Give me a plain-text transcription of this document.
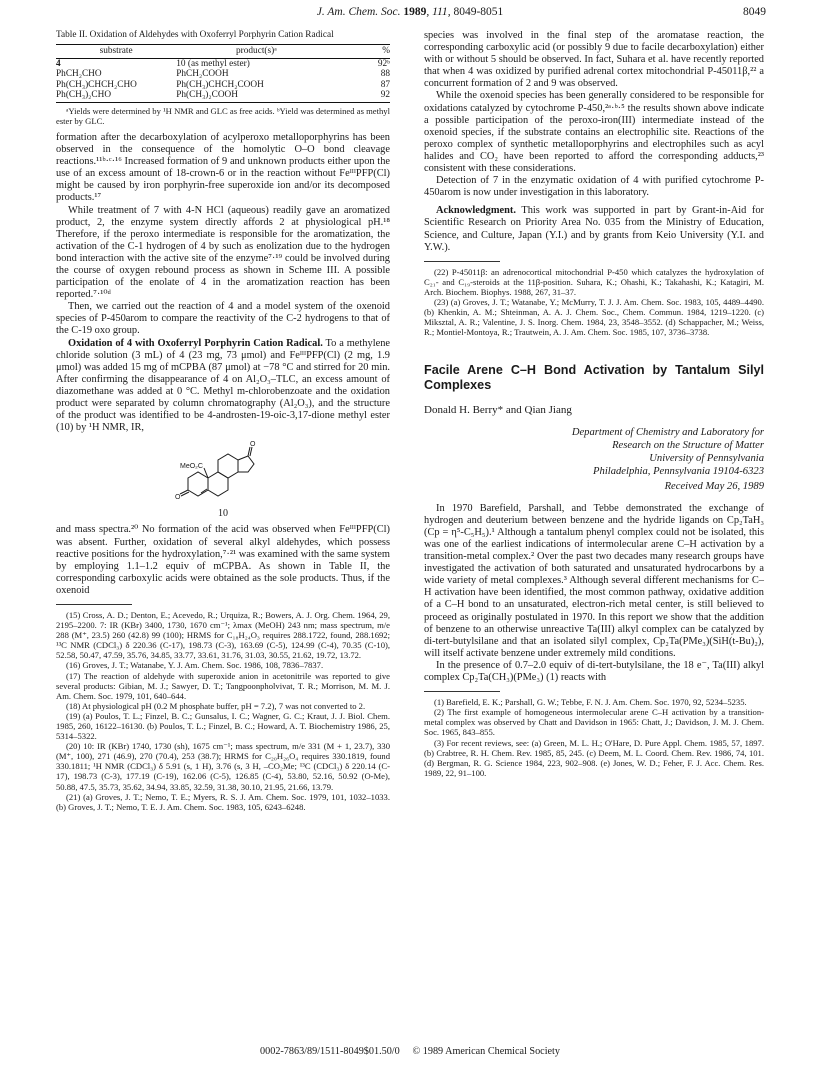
J. Am. Chem. Soc. 1989, 111, 8049-8051	8049
Table II. Oxidation of Aldehydes with Oxoferryl Porphyrin Cation Radical
substrate	product(s)ᵃ	%
4	10 (as methyl ester)	92ᵇ
PhCH₂CHO	PhCH₂COOH	88
Ph(CH₃)CHCH₂CHO	Ph(CH₃)CHCH₂COOH	87
Ph(CH₃)₂CHO	Ph(CH₃)₂COOH	92
ᵃYields were determined by ¹H NMR and GLC as free acids. ᵇYield was determined as methyl ester by GLC.

formation after the decarboxylation of acylperoxo metalloporphyrins has been observed in the consequence of the homolytic O–O bond cleavage reactions.¹¹ᵇ·ᶜ·¹⁶ Increased formation of 9 and unknown products either upon the use of an excess amount of 18-crown-6 or in the reaction without FeᴵᴵᴵPFP(Cl) might be caused by iron porphyrin-free superoxide ion and/or its decomposed products.¹⁷

While treatment of 7 with 4-N HCl (aqueous) readily gave an aromatized product, 2, the enzyme system directly affords 2 at physiological pH.¹⁸ Therefore, if the peroxo intermediate is responsible for the aromatization, the activation of the C-1 hydrogen of 4 by such as enolization due to the hydrogen bond interaction with the active site of the enzyme⁷·¹⁹ could be involved during the course of oxygen rebound process as shown in Scheme III. A possible participation of the enolate of 4 in the aromatization reaction has been reported.⁷·¹⁰ᵈ

Then, we carried out the reaction of 4 and a model system of the oxenoid species of P-450arom to compare the reactivity of the C-2 hydrogens to that of the C-19 oxo group.

Oxidation of 4 with Oxoferryl Porphyrin Cation Radical. To a methylene chloride solution (3 mL) of 4 (23 mg, 73 μmol) and FeᴵᴵᴵPFP(Cl) (2 mg, 1.9 μmol) was added 15 mg of mCPBA (87 μmol) at −78 °C and stirred for 20 min. After confirming the disappearance of 4 on Al₂O₃–TLC, an excess amount of diazomethane was added at 0 °C. Methyl m-chlorobenzoate and the oxidation product were separated by column chromatography (Al₂O₃), and the structure of the product was identified to be 4-androsten-19-oic-3,17-dione methyl ester (10) by ¹H NMR, IR,

MeO₂C
O
O
10

and mass spectra.²⁰ No formation of the acid was observed when FeᴵᴵᴵPFP(Cl) was absent. Further, oxidation of several alkyl aldehydes, which possess reactive positions for the hydroxylation,⁷·²¹ was examined with the same system by employing 1.1–1.2 equiv of mCPBA. As shown in Table II, the corresponding carboxylic acids were obtained as the sole products. Thus, if the oxenoid

(15) Cross, A. D.; Denton, E.; Acevedo, R.; Urquiza, R.; Bowers, A. J. Org. Chem. 1964, 29, 2195–2200. 7: IR (KBr) 3400, 1730, 1670 cm⁻¹; λmax (MeOH) 243 nm; mass spectrum, m/e 288 (M⁺, 23.5) 260 (42.8) 99 (100); HRMS for C₁₈H₂₄O₃ requires 288.1722, found, 288.1692; ¹³C NMR (CDCl₃) δ 220.36 (C-17), 198.73 (C-3), 163.69 (C-5), 124.99 (C-4), 70.35 (C-10), 52.58, 50.47, 47.59, 35.76, 34.85, 33.77, 33.61, 31.76, 31.03, 30.55, 21.62, 19.72, 13.72.
(16) Groves, J. T.; Watanabe, Y. J. Am. Chem. Soc. 1986, 108, 7836–7837.
(17) The reaction of aldehyde with superoxide anion in acetonitrile was reported to give several products: Gibian, M. J.; Sawyer, D. T.; Tangpoonpholvivat, T. R.; Morrison, M. M. J. Am. Chem. Soc. 1979, 101, 640–644.
(18) At physiological pH (0.2 M phosphate buffer, pH = 7.2), 7 was not converted to 2.
(19) (a) Poulos, T. L.; Finzel, B. C.; Gunsalus, I. C.; Wagner, G. C.; Kraut, J. J. Biol. Chem. 1985, 260, 16122–16130. (b) Poulos, T. L.; Finzel, B. C.; Howard, A. T. Biochemistry 1986, 25, 5314–5322.
(20) 10: IR (KBr) 1740, 1730 (sh), 1675 cm⁻¹; mass spectrum, m/e 331 (M + 1, 23.7), 330 (M⁺, 100), 271 (46.9), 270 (70.4), 253 (38.7); HRMS for C₂₀H₂₆O₄ requires 330.1819, found 330.1811; ¹H NMR (CDCl₃) δ 5.91 (s, 1 H), 3.76 (s, 3 H, –CO₂Me; ¹³C (CDCl₃) δ 220.14 (C-17), 198.73 (C-3), 177.19 (C-19), 162.06 (C-5), 126.85 (C-4), 53.80, 52.16, 50.92 (O-Me), 50.88, 47.5, 35.73, 35.62, 34.94, 33.85, 32.59, 31.38, 30.10, 21.95, 21.66, 13.79.
(21) (a) Groves, J. T.; Nemo, T. E.; Myers, R. S. J. Am. Chem. Soc. 1979, 101, 1032–1033. (b) Groves, J. T.; Nemo, T. E. J. Am. Chem. Soc. 1983, 105, 6243–6248.

species was involved in the final step of the aromatase reaction, the corresponding carboxylic acid (or possibly 9 due to facile decarboxylation) either with or without 5 should be observed. In fact, Suhara et al. have recently reported that when 4 was oxidized by purified adrenal cortex mitochondrial P-45011β,²² a concurrent formation of 2 and 9 was observed.

While the oxenoid species has been generally considered to be responsible for oxidations catalyzed by cytochrome P-450,²ᵃ·ᵇ·⁵ the results shown above indicate a possible participation of the peroxo-iron(III) intermediate instead of the oxenoid species, if the substrate contains an electrophilic site. Reactions of the peroxo complex of synthetic metalloporphyrins and electrophiles such as acyl halides and CO₂ have been reported to afford the corresponding adducts,²³ consistent with these considerations.

Detection of 7 in the enzymatic oxidation of 4 with purified cytochrome P-450arom is now under investigation in this laboratory.

Acknowledgment. This work was supported in part by Grant-in-Aid for Scientific Research on Priority Area No. 035 from the Ministry of Education, Science, and Culture, Japan (Y.I.) and by grants from Keio University (Y.I. and Y.W.).

(22) P-45011β: an adrenocortical mitochondrial P-450 which catalyzes the hydroxylation of C₂₁- and C₁₉-steroids at the 11β-position. Suhara, K.; Ohashi, K.; Takahashi, K.; Katagiri, M. Arch. Biochem. Biophys. 1988, 267, 31–37.
(23) (a) Groves, J. T.; Watanabe, Y.; McMurry, T. J. J. Am. Chem. Soc. 1983, 105, 4489–4490. (b) Khenkin, A. M.; Shteinman, A. A. J. Chem. Soc., Chem. Commun. 1984, 1219–1220. (c) Miksztal, A. R.; Valentine, J. S. Inorg. Chem. 1984, 23, 3548–3552. (d) Schappacher, M.; Weiss, R.; Montiel-Montoya, R.; Trautwein, A. J. Am. Chem. Soc. 1985, 107, 3736–3738.
Facile Arene C–H Bond Activation by Tantalum Silyl Complexes
Donald H. Berry* and Qian Jiang
Department of Chemistry and Laboratory for
Research on the Structure of Matter
University of Pennsylvania
Philadelphia, Pennsylvania 19104-6323
Received May 26, 1989

In 1970 Barefield, Parshall, and Tebbe demonstrated the exchange of hydrogen and deuterium between benzene and the hydride ligands on Cp₂TaH₃ (Cp = η⁵-C₅H₅).¹ Although a tantalum phenyl complex could not be isolated, this was one of the earliest indications of intermolecular arene C–H activation by a transition-metal complex.² Over the past two decades many research groups have investigated the activation of both saturated and unsaturated hydrocarbons by a wide variety of metal complexes.³ Although several different mechanisms for C–H activation have been identified, the most common pathway, oxidative addition of a C–H bond to an unsaturated, electron-rich metal center, is still believed to proceed as originally postulated in 1970. In this report we show that the addition of benzene to an otherwise unreactive Ta(III) alkyl complex can be catalyzed by di-tert-butylsilane and that an isolated silyl complex, Cp₂Ta(PMe₃)(SiH(t-Bu)₂), will itself activate benzene under extremely mild conditions.

In the presence of 0.7–2.0 equiv of di-tert-butylsilane, the 18 e⁻, Ta(III) alkyl complex Cp₂Ta(CH₃)(PMe₃) (1) reacts with

(1) Barefield, E. K.; Parshall, G. W.; Tebbe, F. N. J. Am. Chem. Soc. 1970, 92, 5234–5235.
(2) The first example of homogeneous intermolecular arene C–H activation by a transition-metal complex was observed by Chatt and Davidson in 1965: Chatt, J.; Davidson, J. M. J. Chem. Soc. 1965, 843–855.
(3) For recent reviews, see: (a) Green, M. L. H.; O'Hare, D. Pure Appl. Chem. 1985, 57, 1897. (b) Crabtree, R. H. Chem. Rev. 1985, 85, 245. (c) Deem, M. L. Coord. Chem. Rev. 1986, 74, 101. (d) Bergman, R. G. Science 1984, 223, 902–908. (e) Jones, W. D.; Feher, F. J. Acc. Chem. Res. 1989, 22, 91–100.
0002-7863/89/1511-8049$01.50/0 © 1989 American Chemical Society
